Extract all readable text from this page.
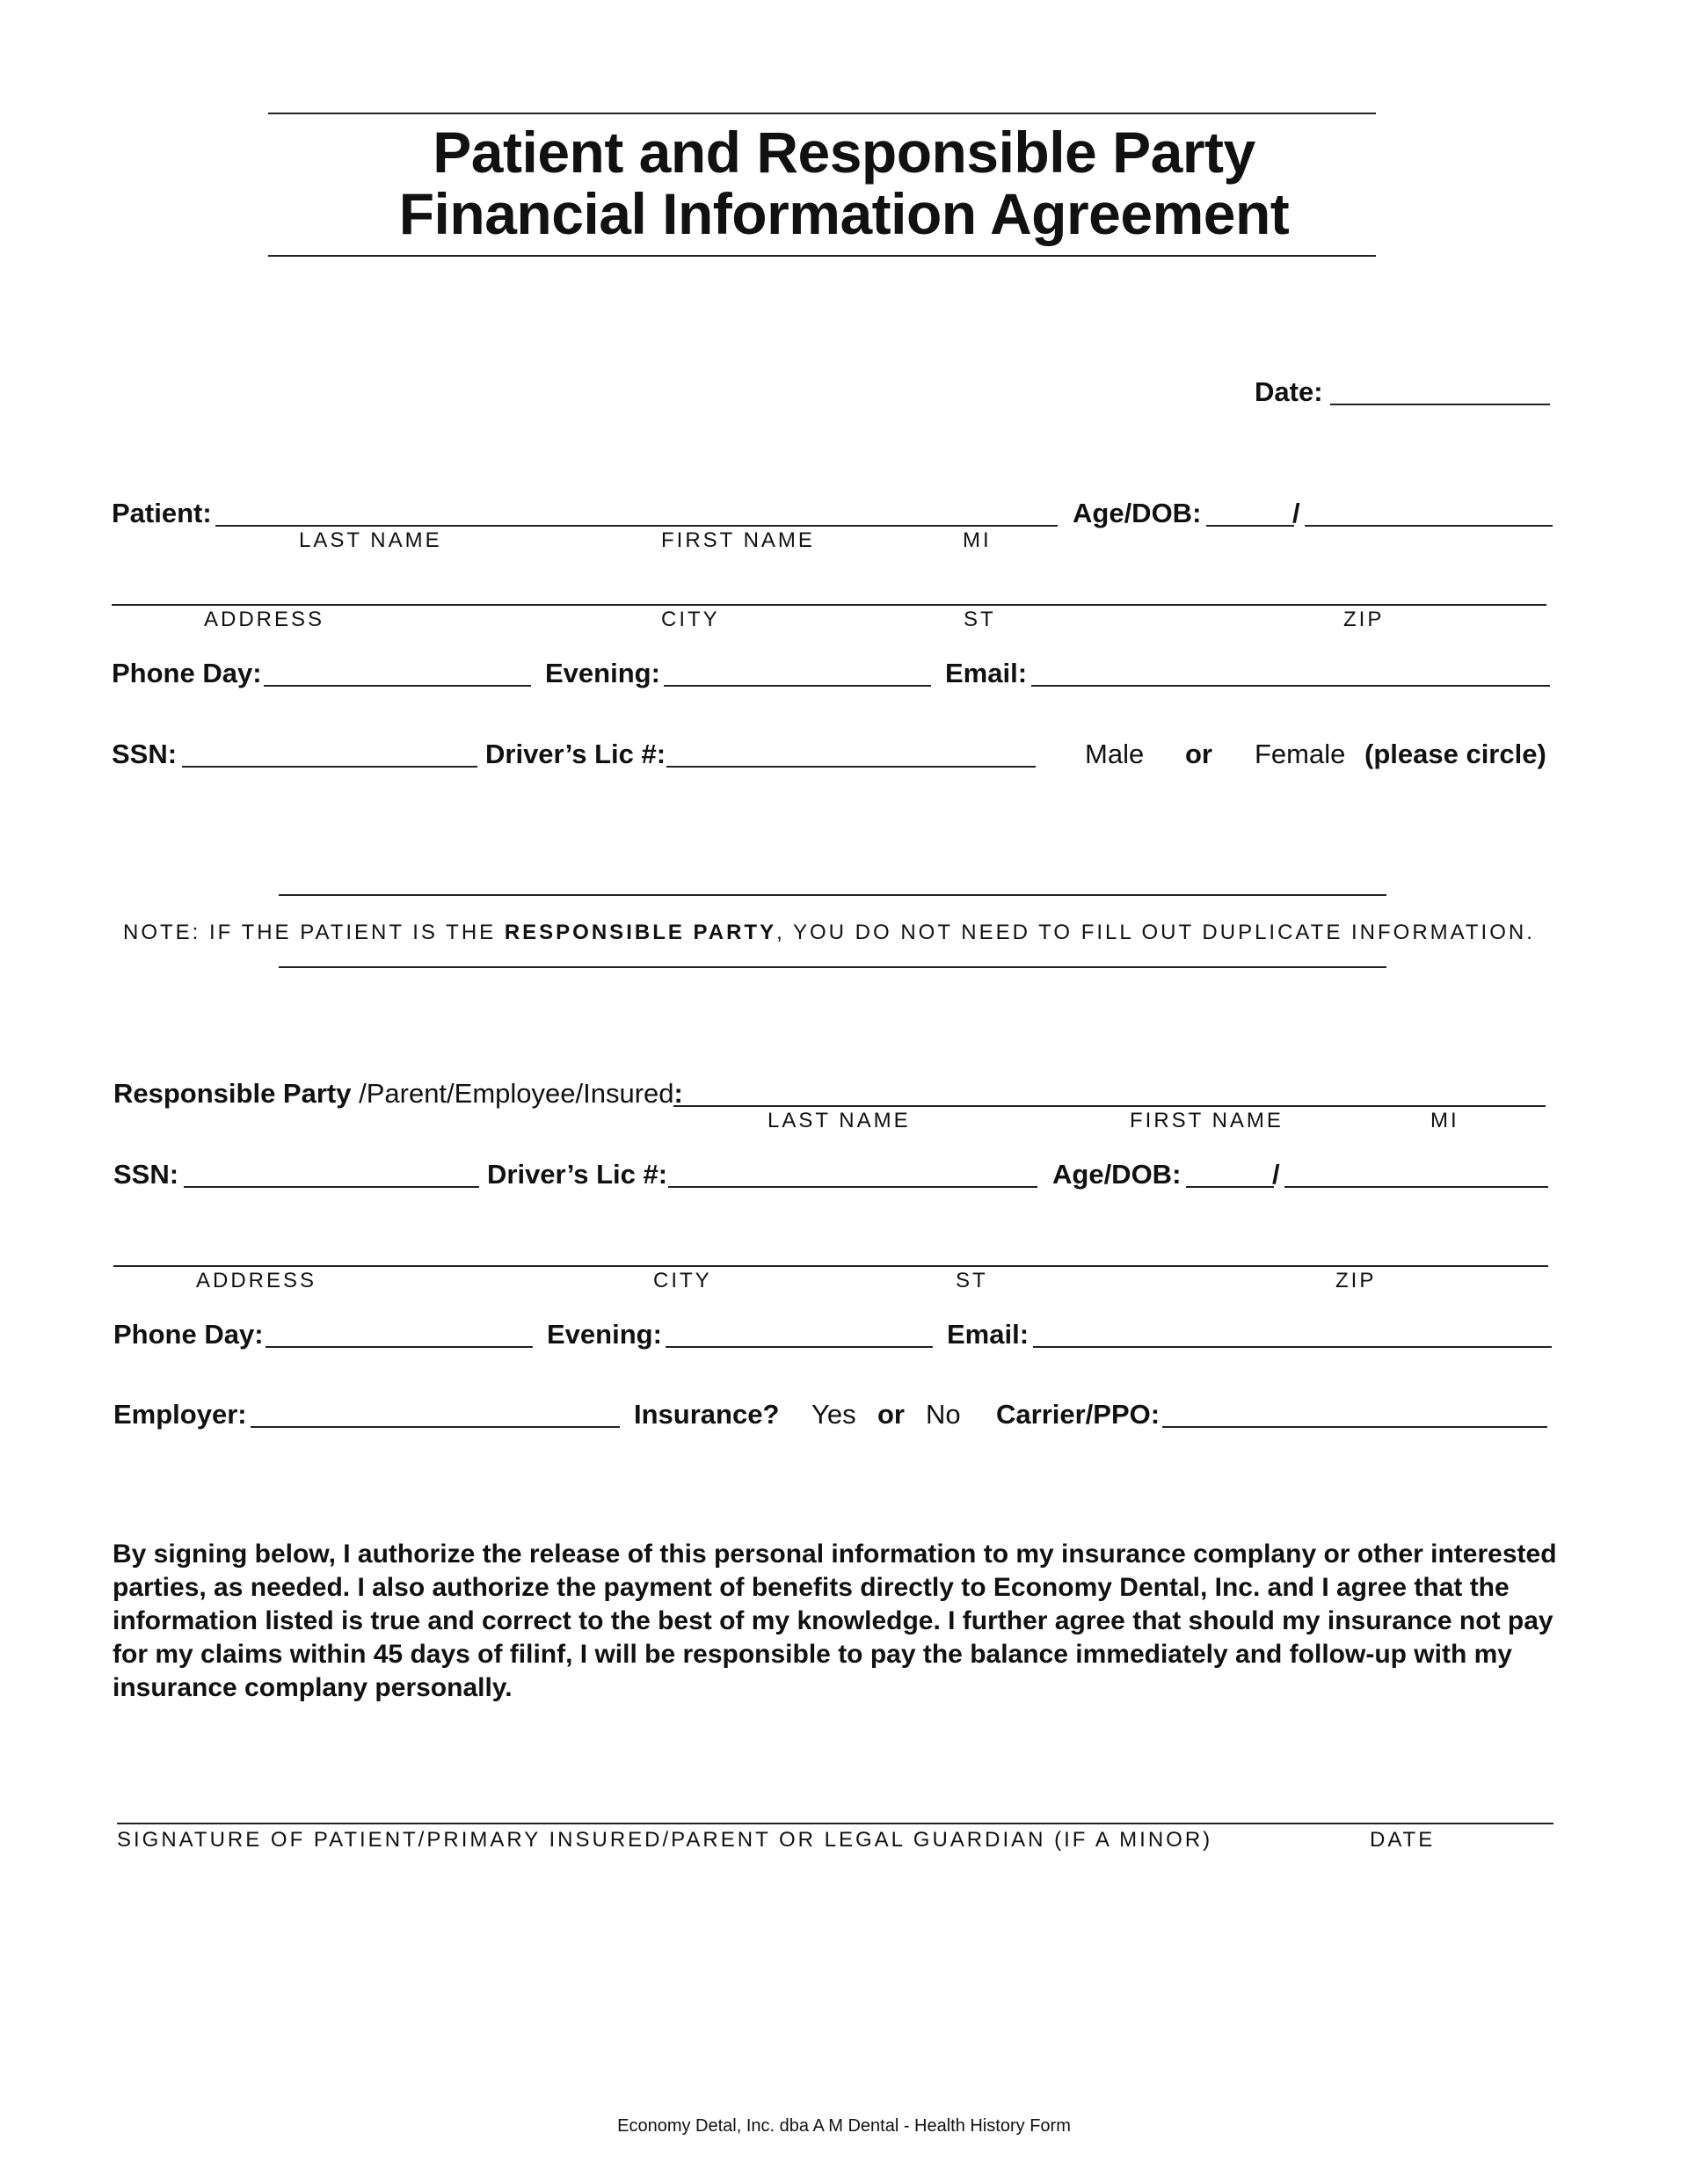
Patient and Responsible Party
Financial Information Agreement
Date:
Patient:	Age/DOB:	/
LAST NAME	FIRST NAME	MI
ADDRESS	CITY	ST	ZIP
Phone Day:	Evening:	Email:
SSN:	Driver’s Lic #:	Male or Female (please circle)
NOTE: IF THE PATIENT IS THE RESPONSIBLE PARTY, YOU DO NOT NEED TO FILL OUT DUPLICATE INFORMATION.
Responsible Party /Parent/Employee/Insured:
LAST NAME	FIRST NAME	MI
SSN:	Driver’s Lic #:	Age/DOB:	/
ADDRESS	CITY	ST	ZIP
Phone Day:	Evening:	Email:
Employer:	Insurance? Yes or No Carrier/PPO:
By signing below, I authorize the release of this personal information to my insurance complany or other interested parties, as needed. I also authorize the payment of benefits directly to Economy Dental, Inc. and I agree that the information listed is true and correct to the best of my knowledge. I further agree that should my insurance not pay for my claims within 45 days of filinf, I will be responsible to pay the balance immediately and follow-up with my insurance complany personally.
SIGNATURE OF PATIENT/PRIMARY INSURED/PARENT OR LEGAL GUARDIAN (IF A MINOR)	DATE
Economy Detal, Inc. dba A M Dental - Health History Form
